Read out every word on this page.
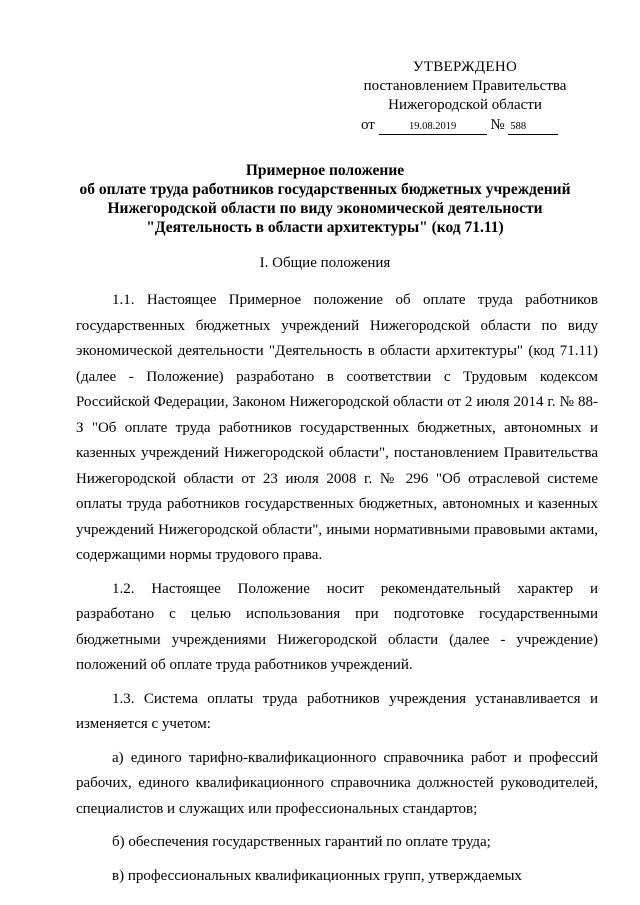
УТВЕРЖДЕНО
постановлением Правительства
Нижегородской области
от	19.08.2019 № 588
Примерное положение
об оплате труда работников государственных бюджетных учреждений
Нижегородской области по виду экономической деятельности
"Деятельность в области архитектуры" (код 71.11)
I. Общие положения

1.1. Настоящее Примерное положение об оплате труда работников государственных бюджетных учреждений Нижегородской области по виду экономической деятельности "Деятельность в области архитектуры" (код 71.11) (далее - Положение) разработано в соответствии с Трудовым кодексом Российской Федерации, Законом Нижегородской области от 2 июля 2014 г. № 88-З "Об оплате труда работников государственных бюджетных, автономных и казенных учреждений Нижегородской области", постановлением Правительства Нижегородской области от 23 июля 2008 г. № 296 "Об отраслевой системе оплаты труда работников государственных бюджетных, автономных и казенных учреждений Нижегородской области", иными нормативными правовыми актами, содержащими нормы трудового права.

1.2. Настоящее Положение носит рекомендательный характер и разработано с целью использования при подготовке государственными бюджетными учреждениями Нижегородской области (далее - учреждение) положений об оплате труда работников учреждений.

1.3. Система оплаты труда работников учреждения устанавливается и изменяется с учетом:

а) единого тарифно-квалификационного справочника работ и профессий рабочих, единого квалификационного справочника должностей руководителей, специалистов и служащих или профессиональных стандартов;

б) обеспечения государственных гарантий по оплате труда;

в) профессиональных квалификационных групп, утверждаемых
